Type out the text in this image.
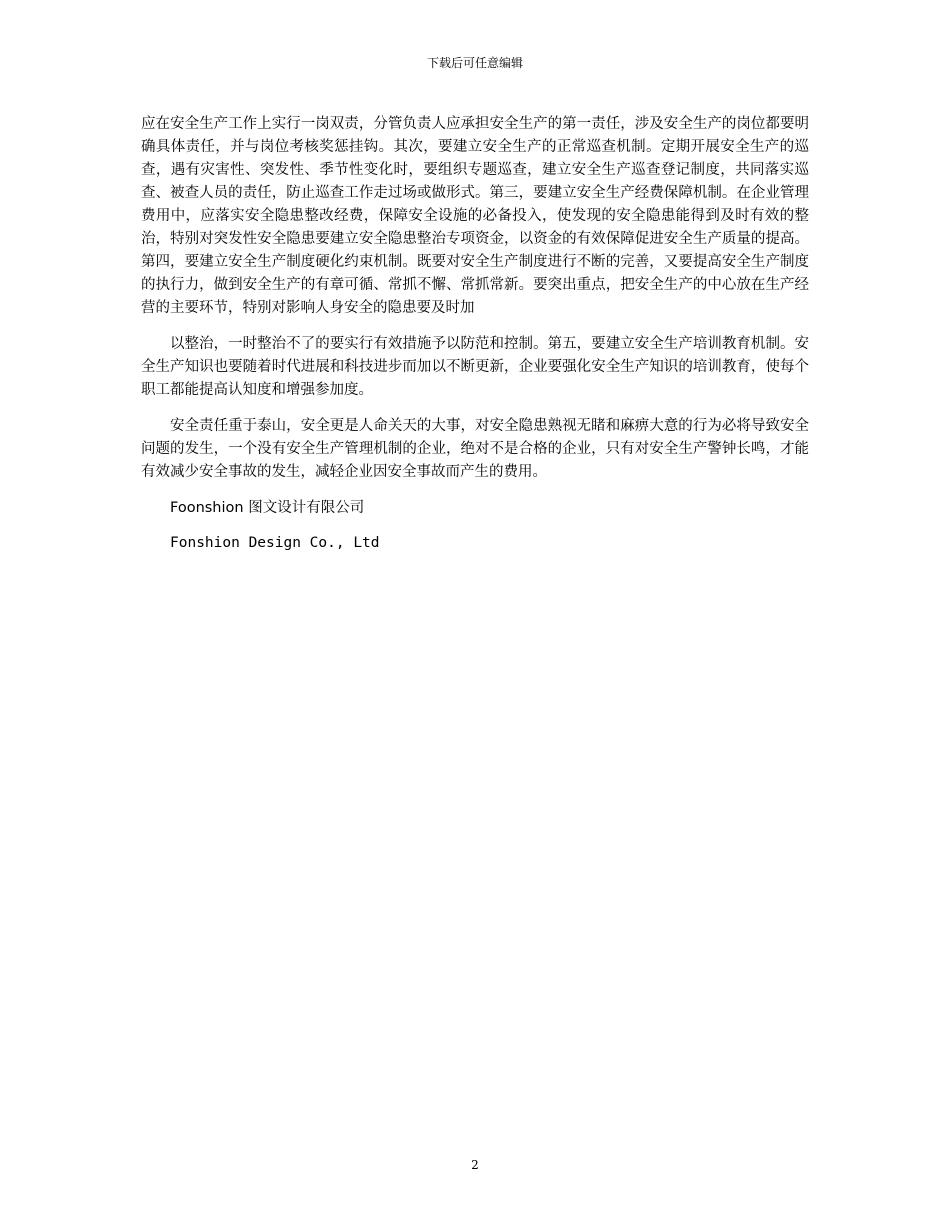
下载后可任意编辑

应在安全生产工作上实行一岗双责，分管负责人应承担安全生产的第一责任，涉及安全生产的岗位都要明确具体责任，并与岗位考核奖惩挂钩。其次，要建立安全生产的正常巡查机制。定期开展安全生产的巡查，遇有灾害性、突发性、季节性变化时，要组织专题巡查，建立安全生产巡查登记制度，共同落实巡查、被查人员的责任，防止巡查工作走过场或做形式。第三，要建立安全生产经费保障机制。在企业管理费用中，应落实安全隐患整改经费，保障安全设施的必备投入，使发现的安全隐患能得到及时有效的整治，特别对突发性安全隐患要建立安全隐患整治专项资金，以资金的有效保障促进安全生产质量的提高。第四，要建立安全生产制度硬化约束机制。既要对安全生产制度进行不断的完善，又要提高安全生产制度的执行力，做到安全生产的有章可循、常抓不懈、常抓常新。要突出重点，把安全生产的中心放在生产经营的主要环节，特别对影响人身安全的隐患要及时加

以整治，一时整治不了的要实行有效措施予以防范和控制。第五，要建立安全生产培训教育机制。安全生产知识也要随着时代进展和科技进步而加以不断更新，企业要强化安全生产知识的培训教育，使每个职工都能提高认知度和增强参加度。

安全责任重于泰山，安全更是人命关天的大事，对安全隐患熟视无睹和麻痹大意的行为必将导致安全问题的发生，一个没有安全生产管理机制的企业，绝对不是合格的企业，只有对安全生产警钟长鸣，才能有效减少安全事故的发生，减轻企业因安全事故而产生的费用。

Foonshion 图文设计有限公司
Fonshion Design Co., Ltd
2
